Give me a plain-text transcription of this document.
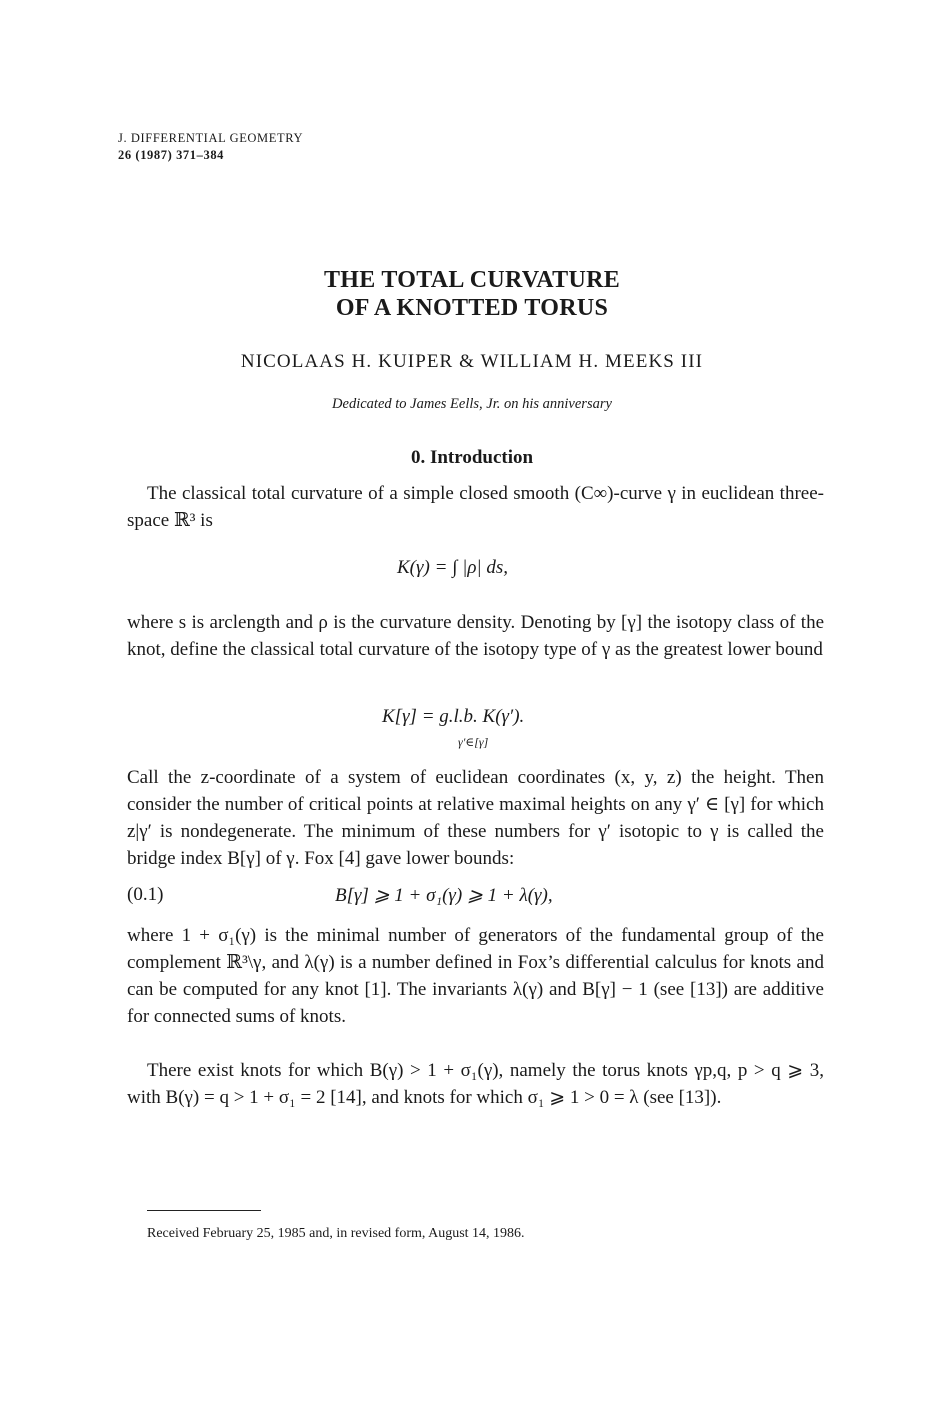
J. DIFFERENTIAL GEOMETRY
26 (1987) 371–384
THE TOTAL CURVATURE
OF A KNOTTED TORUS
NICOLAAS H. KUIPER & WILLIAM H. MEEKS III
Dedicated to James Eells, Jr. on his anniversary
0. Introduction
The classical total curvature of a simple closed smooth (C∞)-curve γ in euclidean three-space ℝ³ is
K(γ) = ∫ |ρ| ds,
where s is arclength and ρ is the curvature density. Denoting by [γ] the isotopy class of the knot, define the classical total curvature of the isotopy type of γ as the greatest lower bound
K[γ] = g.l.b. K(γ′).
γ′∈[γ]
Call the z-coordinate of a system of euclidean coordinates (x, y, z) the height. Then consider the number of critical points at relative maximal heights on any γ′ ∈ [γ] for which z|γ′ is nondegenerate. The minimum of these numbers for γ′ isotopic to γ is called the bridge index B[γ] of γ. Fox [4] gave lower bounds:
(0.1)	B[γ] ⩾ 1 + σ₁(γ) ⩾ 1 + λ(γ),
where 1 + σ₁(γ) is the minimal number of generators of the fundamental group of the complement ℝ³\γ, and λ(γ) is a number defined in Fox’s differential calculus for knots and can be computed for any knot [1]. The invariants λ(γ) and B[γ] − 1 (see [13]) are additive for connected sums of knots.
There exist knots for which B(γ) > 1 + σ₁(γ), namely the torus knots γp,q, p > q ⩾ 3, with B(γ) = q > 1 + σ₁ = 2 [14], and knots for which σ₁ ⩾ 1 > 0 = λ (see [13]).
Received February 25, 1985 and, in revised form, August 14, 1986.
